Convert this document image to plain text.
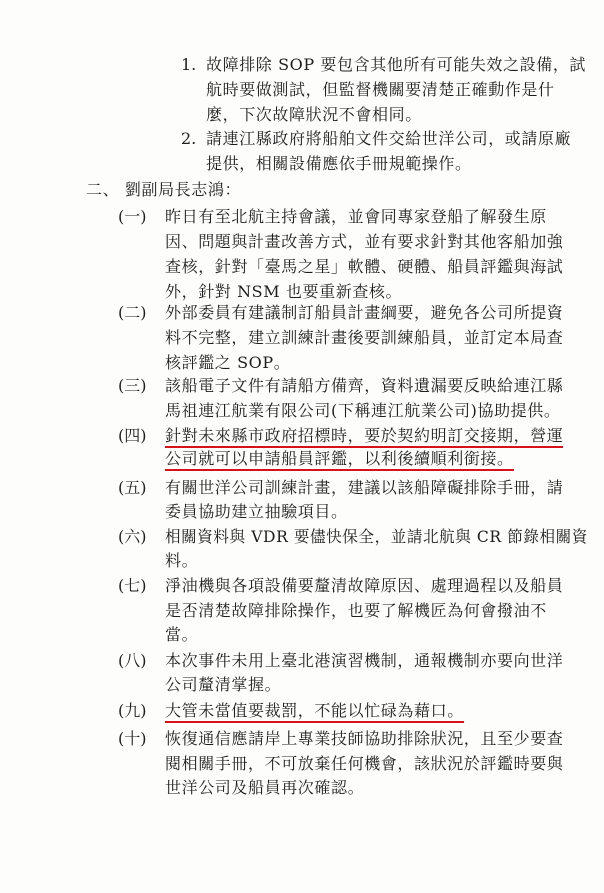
1. 故障排除 SOP 要包含其他所有可能失效之設備，試
航時要做測試，但監督機關要清楚正確動作是什
麼，下次故障狀況不會相同。
2. 請連江縣政府將船舶文件交給世洋公司，或請原廠
提供，相關設備應依手冊規範操作。
二、 劉副局長志鴻：
(一) 昨日有至北航主持會議，並會同專家登船了解發生原
因、問題與計畫改善方式，並有要求針對其他客船加強
查核，針對「臺馬之星」軟體、硬體、船員評鑑與海試
外，針對 NSM 也要重新查核。
(二) 外部委員有建議制訂船員計畫綱要，避免各公司所提資
料不完整，建立訓練計畫後要訓練船員，並訂定本局查
核評鑑之 SOP。
(三) 該船電子文件有請船方備齊，資料遺漏要反映給連江縣
馬祖連江航業有限公司(下稱連江航業公司)協助提供。
(四) 針對未來縣市政府招標時，要於契約明訂交接期，營運
公司就可以申請船員評鑑，以利後續順利銜接。
(五) 有關世洋公司訓練計畫，建議以該船障礙排除手冊，請
委員協助建立抽驗項目。
(六) 相關資料與 VDR 要儘快保全，並請北航與 CR 節錄相關資
料。
(七) 淨油機與各項設備要釐清故障原因、處理過程以及船員
是否清楚故障排除操作，也要了解機匠為何會撥油不
當。
(八) 本次事件未用上臺北港演習機制，通報機制亦要向世洋
公司釐清掌握。
(九) 大管未當值要裁罰，不能以忙碌為藉口。
(十) 恢復通信應請岸上專業技師協助排除狀況，且至少要查
閱相關手冊，不可放棄任何機會，該狀況於評鑑時要與
世洋公司及船員再次確認。
